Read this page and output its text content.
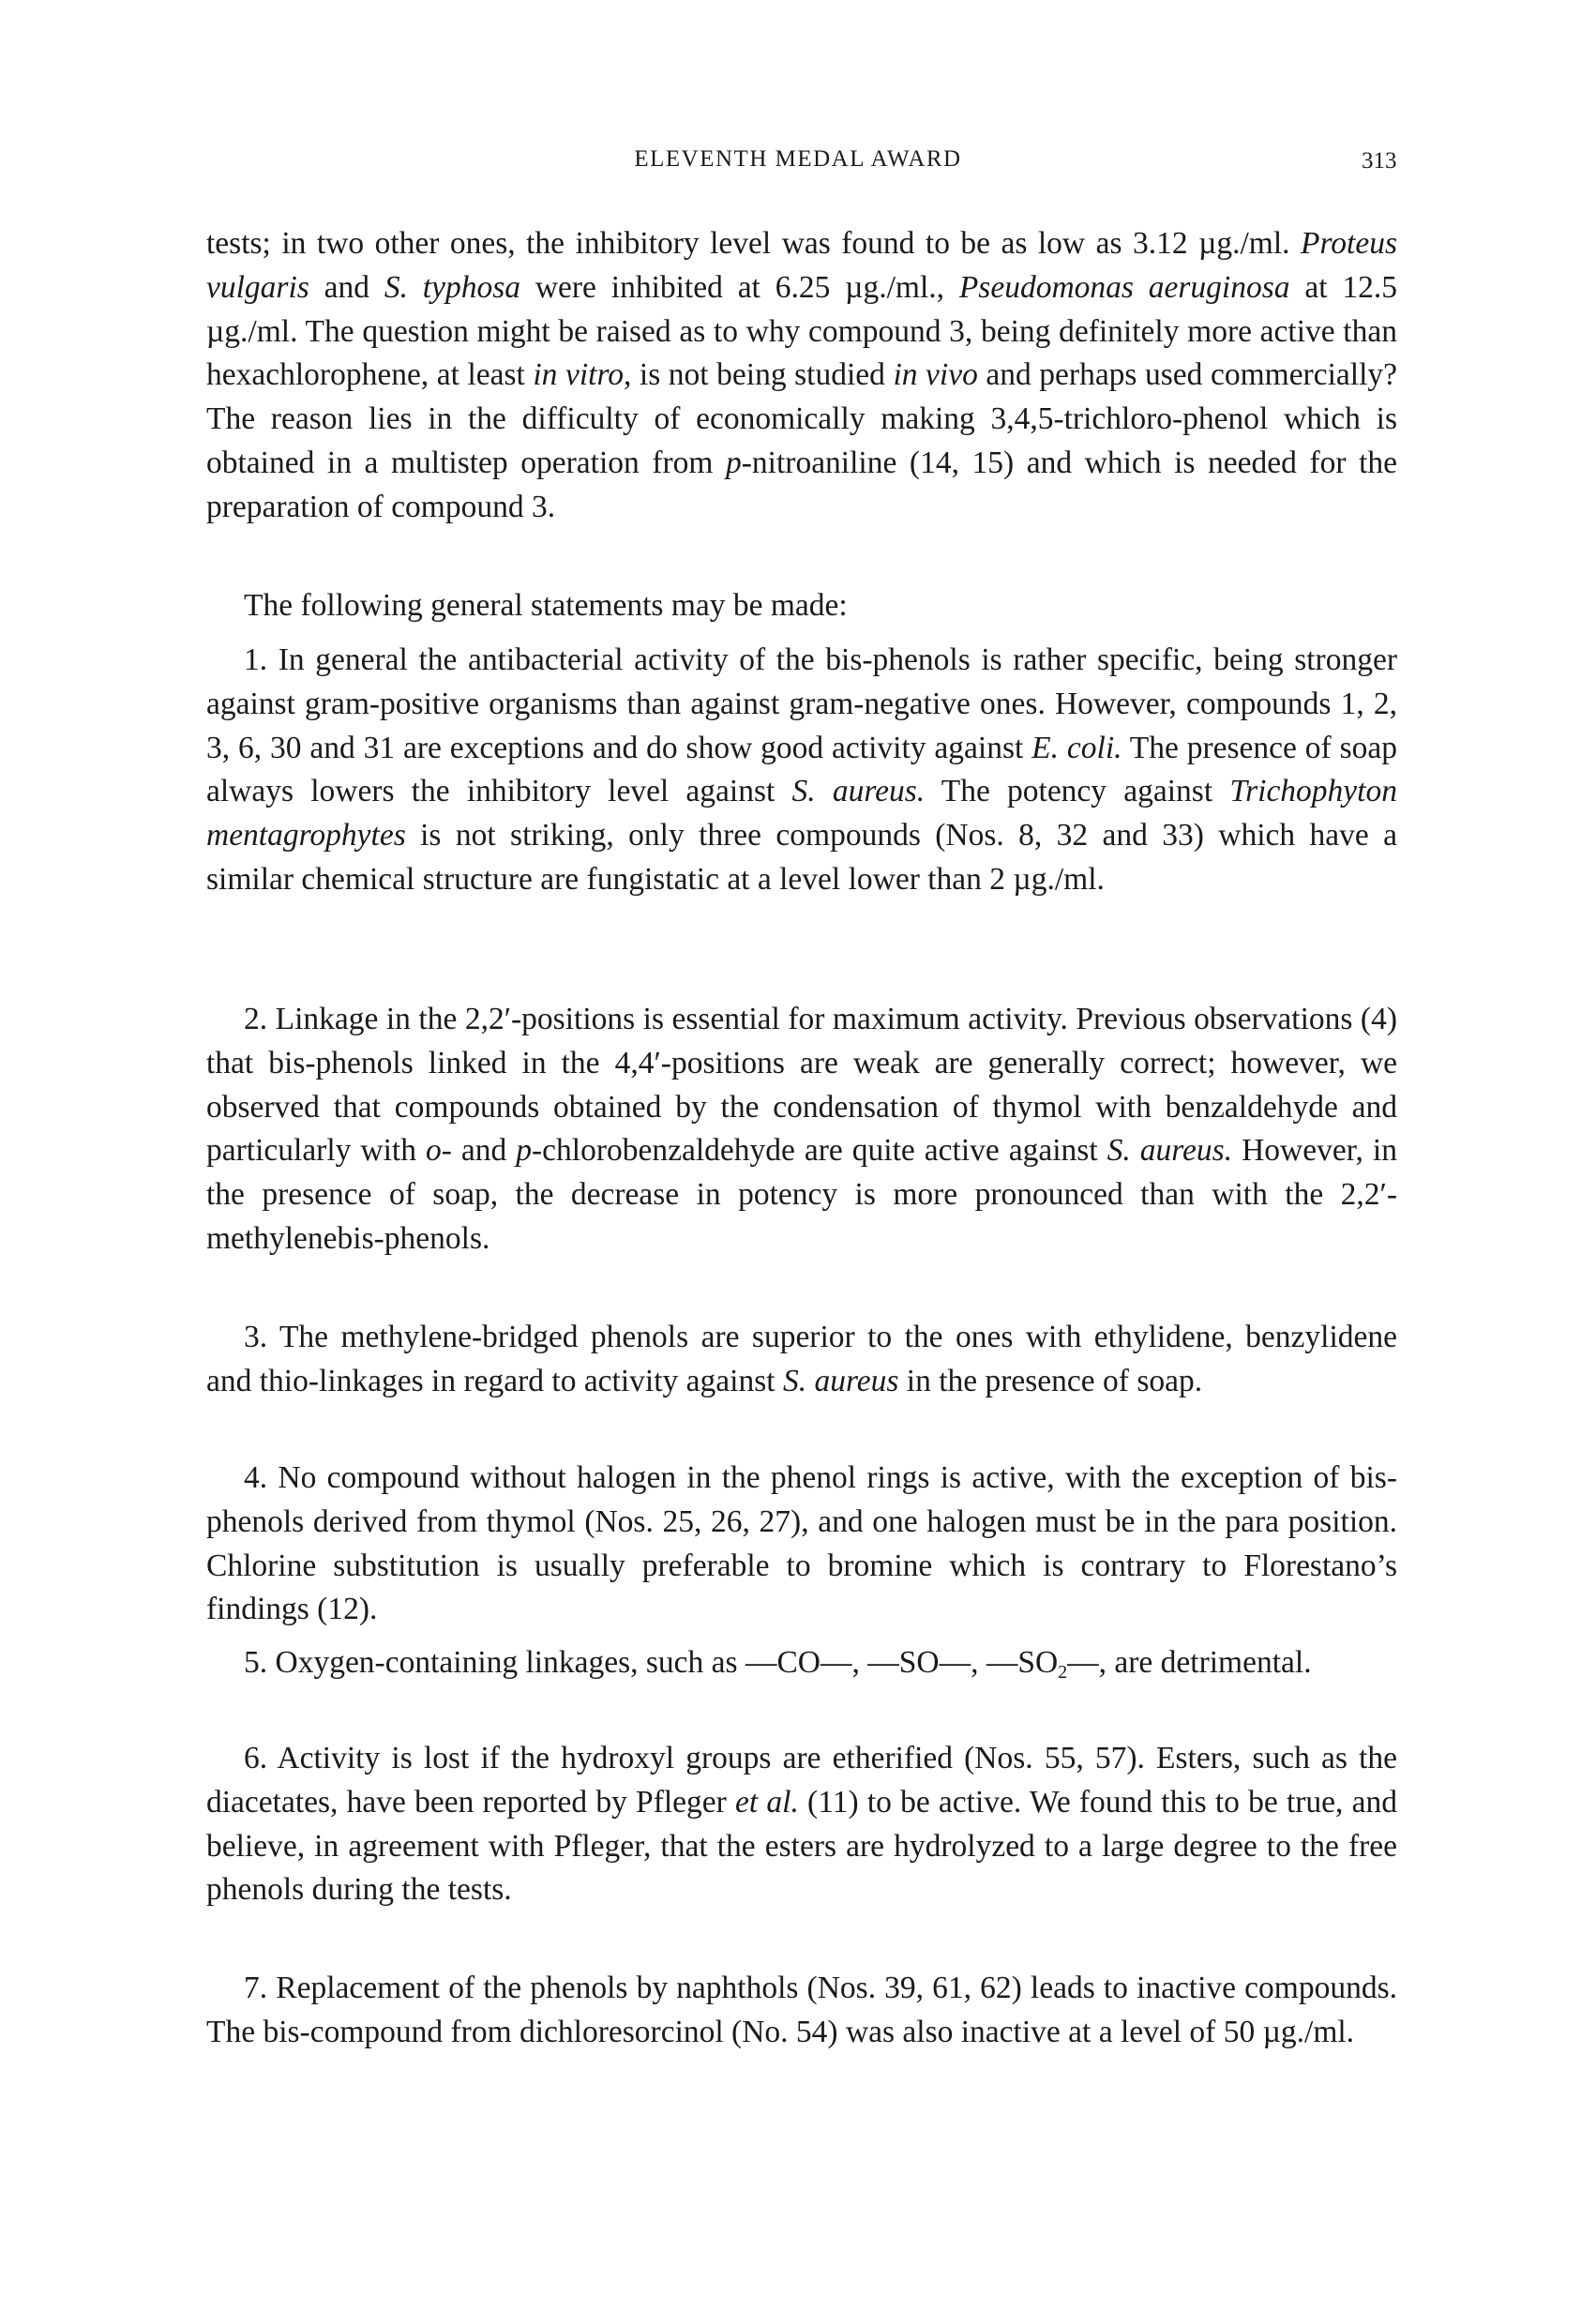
ELEVENTH MEDAL AWARD	313
tests; in two other ones, the inhibitory level was found to be as low as 3.12 µg./ml. Proteus vulgaris and S. typhosa were inhibited at 6.25 µg./ml., Pseudomonas aeruginosa at 12.5 µg./ml. The question might be raised as to why compound 3, being definitely more active than hexachlorophene, at least in vitro, is not being studied in vivo and perhaps used commercially? The reason lies in the difficulty of economically making 3,4,5-trichloro-phenol which is obtained in a multistep operation from p-nitroaniline (14, 15) and which is needed for the preparation of compound 3.
The following general statements may be made:
1. In general the antibacterial activity of the bis-phenols is rather specific, being stronger against gram-positive organisms than against gram-negative ones. However, compounds 1, 2, 3, 6, 30 and 31 are exceptions and do show good activity against E. coli. The presence of soap always lowers the inhibitory level against S. aureus. The potency against Trichophyton mentagrophytes is not striking, only three compounds (Nos. 8, 32 and 33) which have a similar chemical structure are fungistatic at a level lower than 2 µg./ml.
2. Linkage in the 2,2′-positions is essential for maximum activity. Previous observations (4) that bis-phenols linked in the 4,4′-positions are weak are generally correct; however, we observed that compounds obtained by the condensation of thymol with benzaldehyde and particularly with o- and p-chlorobenzaldehyde are quite active against S. aureus. However, in the presence of soap, the decrease in potency is more pronounced than with the 2,2′-methylenebis-phenols.
3. The methylene-bridged phenols are superior to the ones with ethylidene, benzylidene and thio-linkages in regard to activity against S. aureus in the presence of soap.
4. No compound without halogen in the phenol rings is active, with the exception of bis-phenols derived from thymol (Nos. 25, 26, 27), and one halogen must be in the para position. Chlorine substitution is usually preferable to bromine which is contrary to Florestano’s findings (12).
5. Oxygen-containing linkages, such as —CO—, —SO—, $—SO_2—$, are detrimental.
6. Activity is lost if the hydroxyl groups are etherified (Nos. 55, 57). Esters, such as the diacetates, have been reported by Pfleger et al. (11) to be active. We found this to be true, and believe, in agreement with Pfleger, that the esters are hydrolyzed to a large degree to the free phenols during the tests.
7. Replacement of the phenols by naphthols (Nos. 39, 61, 62) leads to inactive compounds. The bis-compound from dichloresorcinol (No. 54) was also inactive at a level of 50 µg./ml.
